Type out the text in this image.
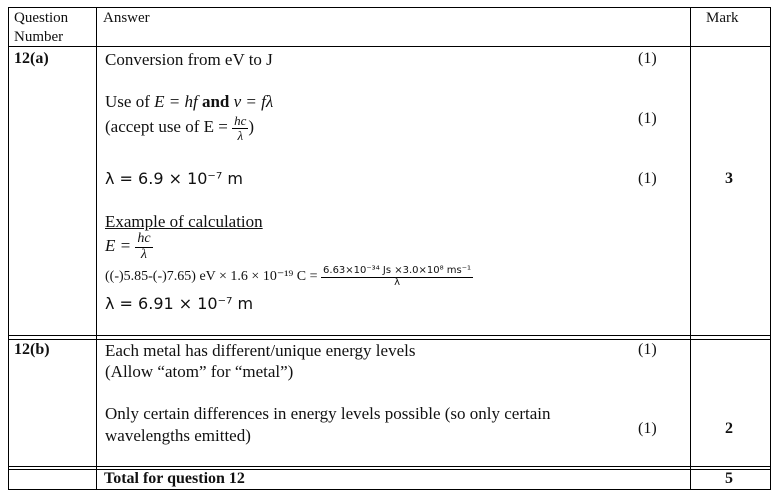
Question Number
Answer	Mark
12(a)	Conversion from eV to J	(1)
Use of E = hf and v = fλ
(accept use of $E = \frac{hc}{\lambda}$ )	(1)
λ = 6.9 × 10⁻⁷ m	(1)	3
Example of calculation
$E = \frac{hc}{\lambda}$
((-)5.85-(-)7.65) eV × 1.6 × 10⁻¹⁹ $C = \frac{\text{6.63×10⁻³⁴ Js ×3.0×10⁸ ms⁻¹}}{\lambda}$
λ = 6.91 × 10⁻⁷ m
12(b)	Each metal has different/unique energy levels	(1)
(Allow “atom” for “metal”)
Only certain differences in energy levels possible (so only certain
wavelengths emitted)	(1)	2
Total for question 12	5
